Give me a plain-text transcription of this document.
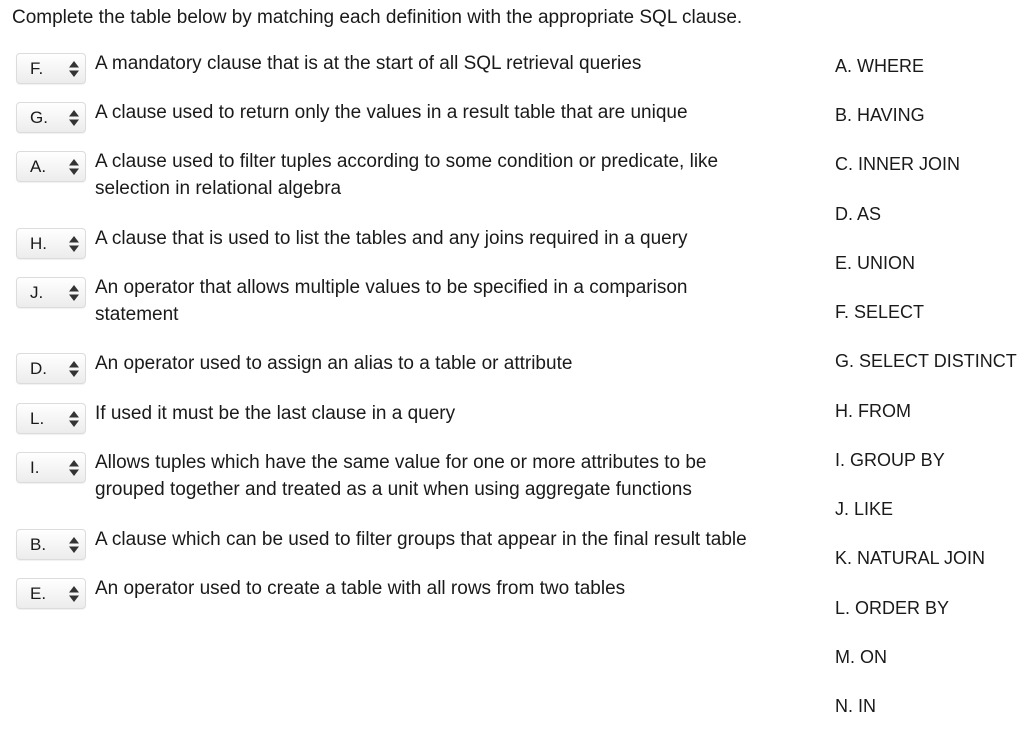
Complete the table below by matching each definition with the appropriate SQL clause.
F.	A mandatory clause that is at the start of all SQL retrieval queries
G. A clause used to return only the values in a result table that are unique
A.	A clause used to filter tuples according to some condition or predicate, like selection in relational algebra
H.	A clause that is used to list the tables and any joins required in a query
J.	An operator that allows multiple values to be specified in a comparison statement
D.	An operator used to assign an alias to a table or attribute
L.	If used it must be the last clause in a query
I.	Allows tuples which have the same value for one or more attributes to be grouped together and treated as a unit when using aggregate functions
B.	A clause which can be used to filter groups that appear in the final result table
E.	An operator used to create a table with all rows from two tables
A. WHERE
B. HAVING
C. INNER JOIN
D. AS
E. UNION
F. SELECT
G. SELECT DISTINCT
H. FROM
I. GROUP BY
J. LIKE
K. NATURAL JOIN
L. ORDER BY
M. ON
N. IN
